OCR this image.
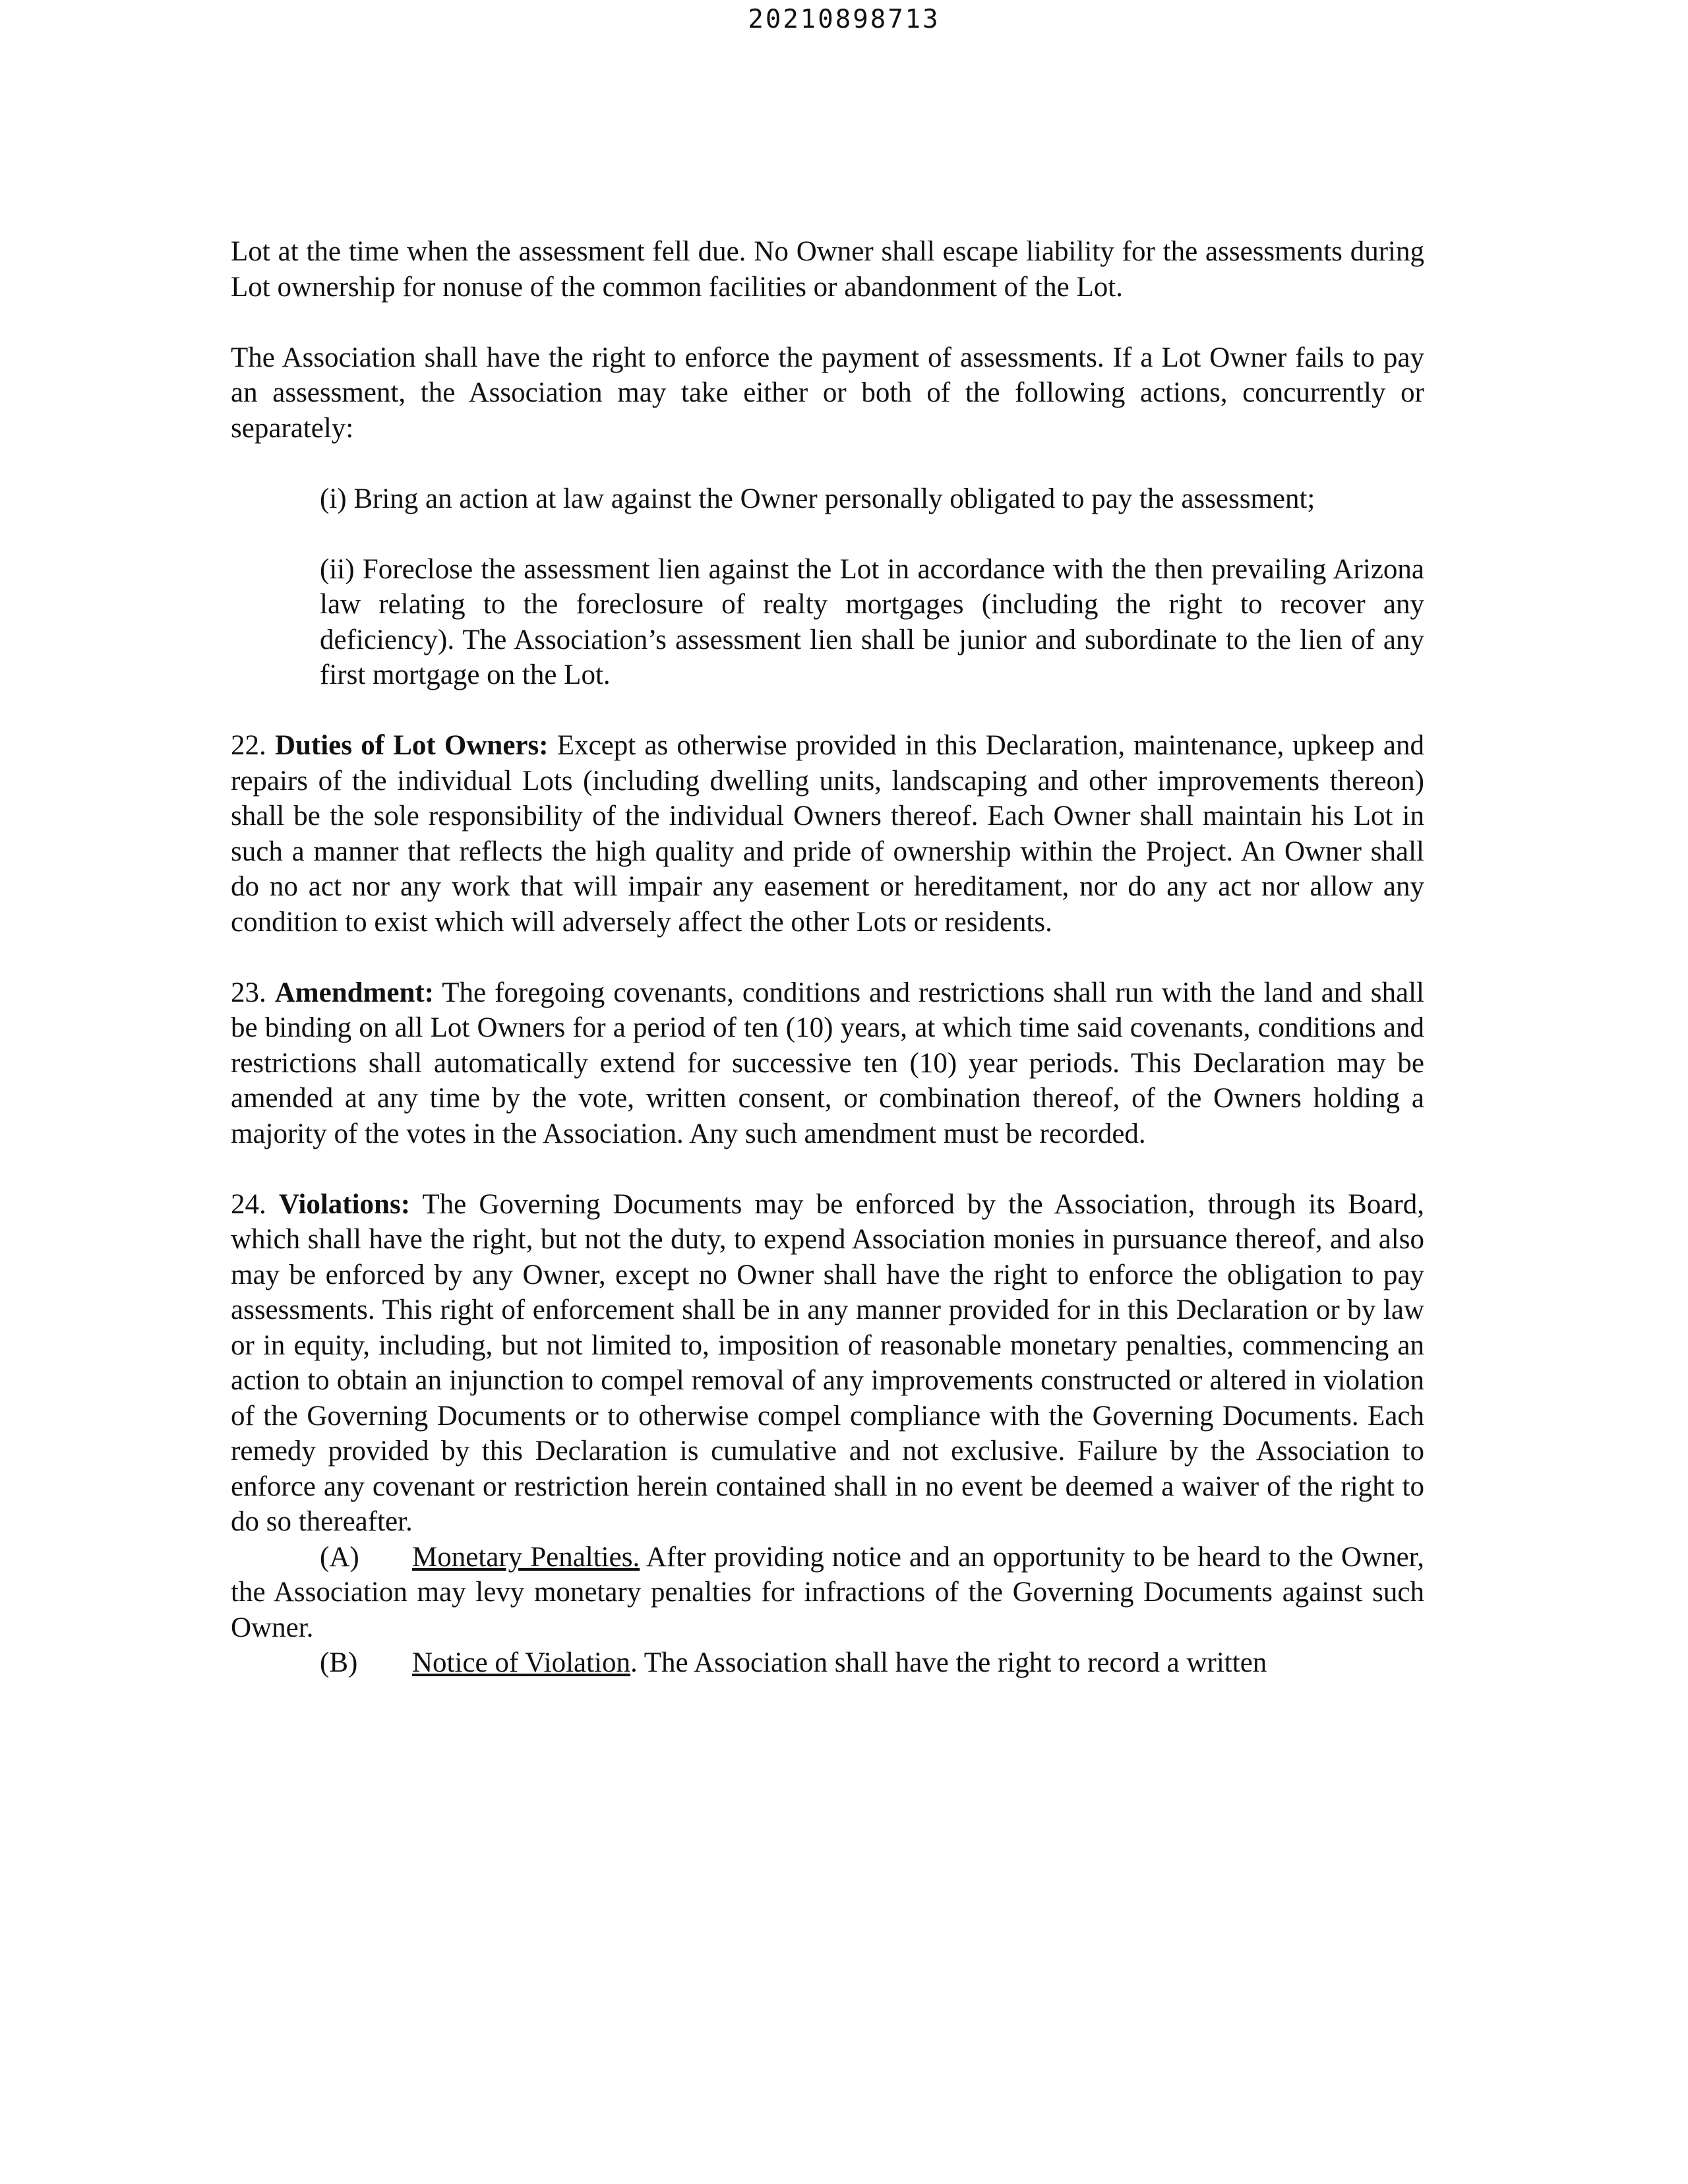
20210898713

Lot at the time when the assessment fell due. No Owner shall escape liability for the assessments during Lot ownership for nonuse of the common facilities or abandonment of the Lot.

The Association shall have the right to enforce the payment of assessments. If a Lot Owner fails to pay an assessment, the Association may take either or both of the following actions, concurrently or separately:

(i) Bring an action at law against the Owner personally obligated to pay the assessment;

(ii) Foreclose the assessment lien against the Lot in accordance with the then prevailing Arizona law relating to the foreclosure of realty mortgages (including the right to recover any deficiency). The Association’s assessment lien shall be junior and subordinate to the lien of any first mortgage on the Lot.

22. Duties of Lot Owners: Except as otherwise provided in this Declaration, maintenance, upkeep and repairs of the individual Lots (including dwelling units, landscaping and other improvements thereon) shall be the sole responsibility of the individual Owners thereof. Each Owner shall maintain his Lot in such a manner that reflects the high quality and pride of ownership within the Project. An Owner shall do no act nor any work that will impair any easement or hereditament, nor do any act nor allow any condition to exist which will adversely affect the other Lots or residents.

23. Amendment: The foregoing covenants, conditions and restrictions shall run with the land and shall be binding on all Lot Owners for a period of ten (10) years, at which time said covenants, conditions and restrictions shall automatically extend for successive ten (10) year periods. This Declaration may be amended at any time by the vote, written consent, or combination thereof, of the Owners holding a majority of the votes in the Association. Any such amendment must be recorded.

24. Violations: The Governing Documents may be enforced by the Association, through its Board, which shall have the right, but not the duty, to expend Association monies in pursuance thereof, and also may be enforced by any Owner, except no Owner shall have the right to enforce the obligation to pay assessments. This right of enforcement shall be in any manner provided for in this Declaration or by law or in equity, including, but not limited to, imposition of reasonable monetary penalties, commencing an action to obtain an injunction to compel removal of any improvements constructed or altered in violation of the Governing Documents or to otherwise compel compliance with the Governing Documents. Each remedy provided by this Declaration is cumulative and not exclusive. Failure by the Association to enforce any covenant or restriction herein contained shall in no event be deemed a waiver of the right to do so thereafter.

(A) Monetary Penalties. After providing notice and an opportunity to be heard to the Owner, the Association may levy monetary penalties for infractions of the Governing Documents against such Owner.

(B) Notice of Violation. The Association shall have the right to record a written
